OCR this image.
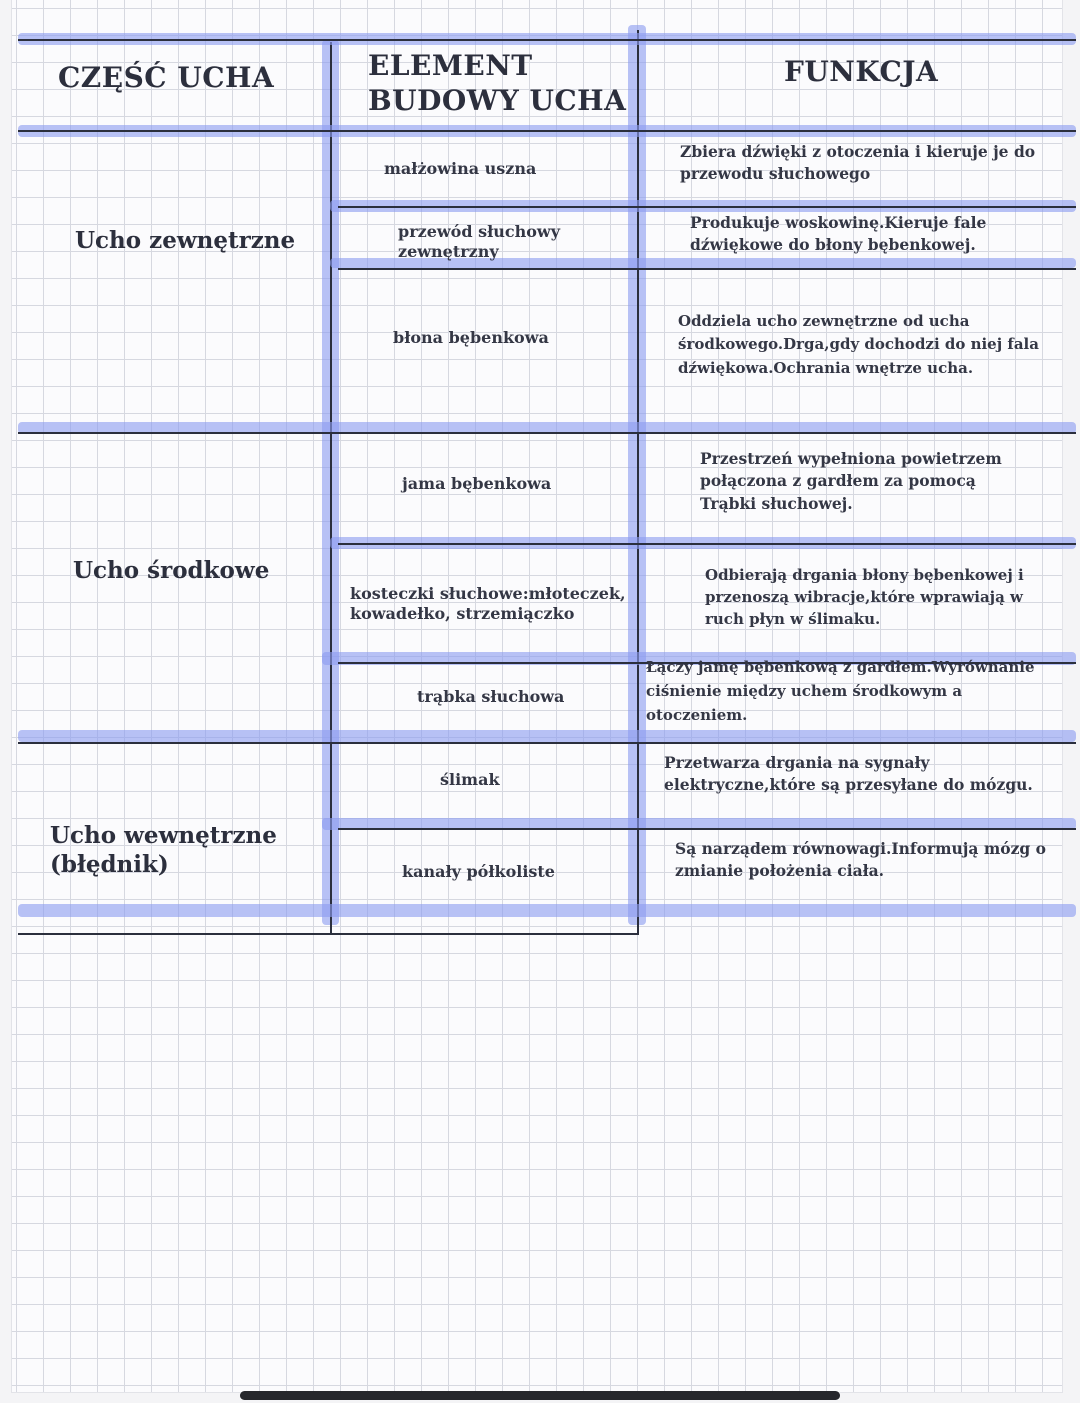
CZĘŚĆ UCHA	ELEMENT
BUDOWY UCHA
FUNKCJA
Ucho zewnętrzne
Ucho środkowe
Ucho wewnętrzne
(błędnik)
małżowina uszna
Zbiera dźwięki z otoczenia i kieruje je do
przewodu słuchowego
przewód słuchowy
zewnętrzny
Produkuje woskowinę.Kieruje fale
dźwiękowe do błony bębenkowej.
błona bębenkowa
Oddziela ucho zewnętrzne od ucha
środkowego.Drga,gdy dochodzi do niej fala
dźwiękowa.Ochrania wnętrze ucha.
jama bębenkowa
Przestrzeń wypełniona powietrzem
połączona z gardłem za pomocą
Trąbki słuchowej.
kosteczki słuchowe:młoteczek,
kowadełko, strzemiączko
Odbierają drgania błony bębenkowej i
przenoszą wibracje,które wprawiają w
ruch płyn w ślimaku.
trąbka słuchowa
Łączy jamę bębenkową z gardłem.Wyrównanie
ciśnienie między uchem środkowym a
otoczeniem.
ślimak
Przetwarza drgania na sygnały
elektryczne,które są przesyłane do mózgu.
kanały półkoliste
Są narządem równowagi.Informują mózg o
zmianie położenia ciała.
